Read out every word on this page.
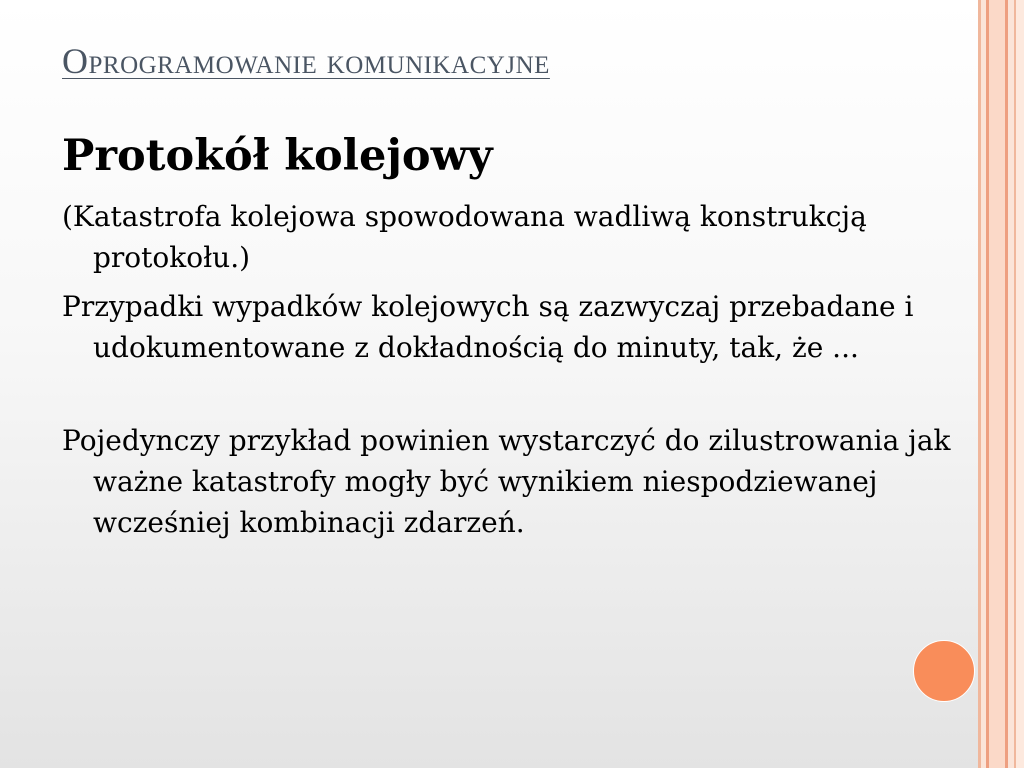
Oprogramowanie komunikacyjne
Protokół kolejowy

(Katastrofa kolejowa spowodowana wadliwą konstrukcją protokołu.)

Przypadki wypadków kolejowych są zazwyczaj przebadane i udokumentowane z dokładnością do minuty, tak, że ...

Pojedynczy przykład powinien wystarczyć do zilustrowania jak ważne katastrofy mogły być wynikiem niespodziewanej wcześniej kombinacji zdarzeń.
